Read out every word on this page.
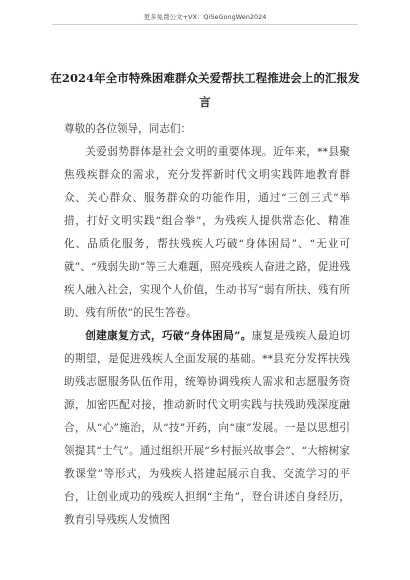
更多免费公文+VX：QiSeGongWen2024
在2024年全市特殊困难群众关爱帮扶工程推进会上的汇报发言

尊敬的各位领导，同志们：

关爱弱势群体是社会文明的重要体现。近年来，**县聚焦残疾群众的需求，充分发挥新时代文明实践阵地教育群众、关心群众、服务群众的功能作用，通过“三创三式”举措，打好文明实践“组合拳”，为残疾人提供常态化、精准化、品质化服务，帮扶残疾人巧破“身体困局”、“无业可就”、“残弱失助”等三大难题，照亮残疾人奋进之路，促进残疾人融入社会，实现个人价值，生动书写“弱有所扶、残有所助、残有所依”的民生答卷。

创建康复方式，巧破“身体困局”。康复是残疾人最迫切的期望，是促进残疾人全面发展的基础。**县充分发挥扶残助残志愿服务队伍作用，统筹协调残疾人需求和志愿服务资源，加密匹配对接，推动新时代文明实践与扶残助残深度融合，从“心”施治，从“技”开药，向“康”发展。一是以思想引领提其“士气”。通过组织开展“乡村振兴故事会”、“大榕树家教课堂”等形式，为残疾人搭建起展示自我、交流学习的平台，让创业成功的残疾人担纲“主角”，登台讲述自身经历，教育引导残疾人发愤图
